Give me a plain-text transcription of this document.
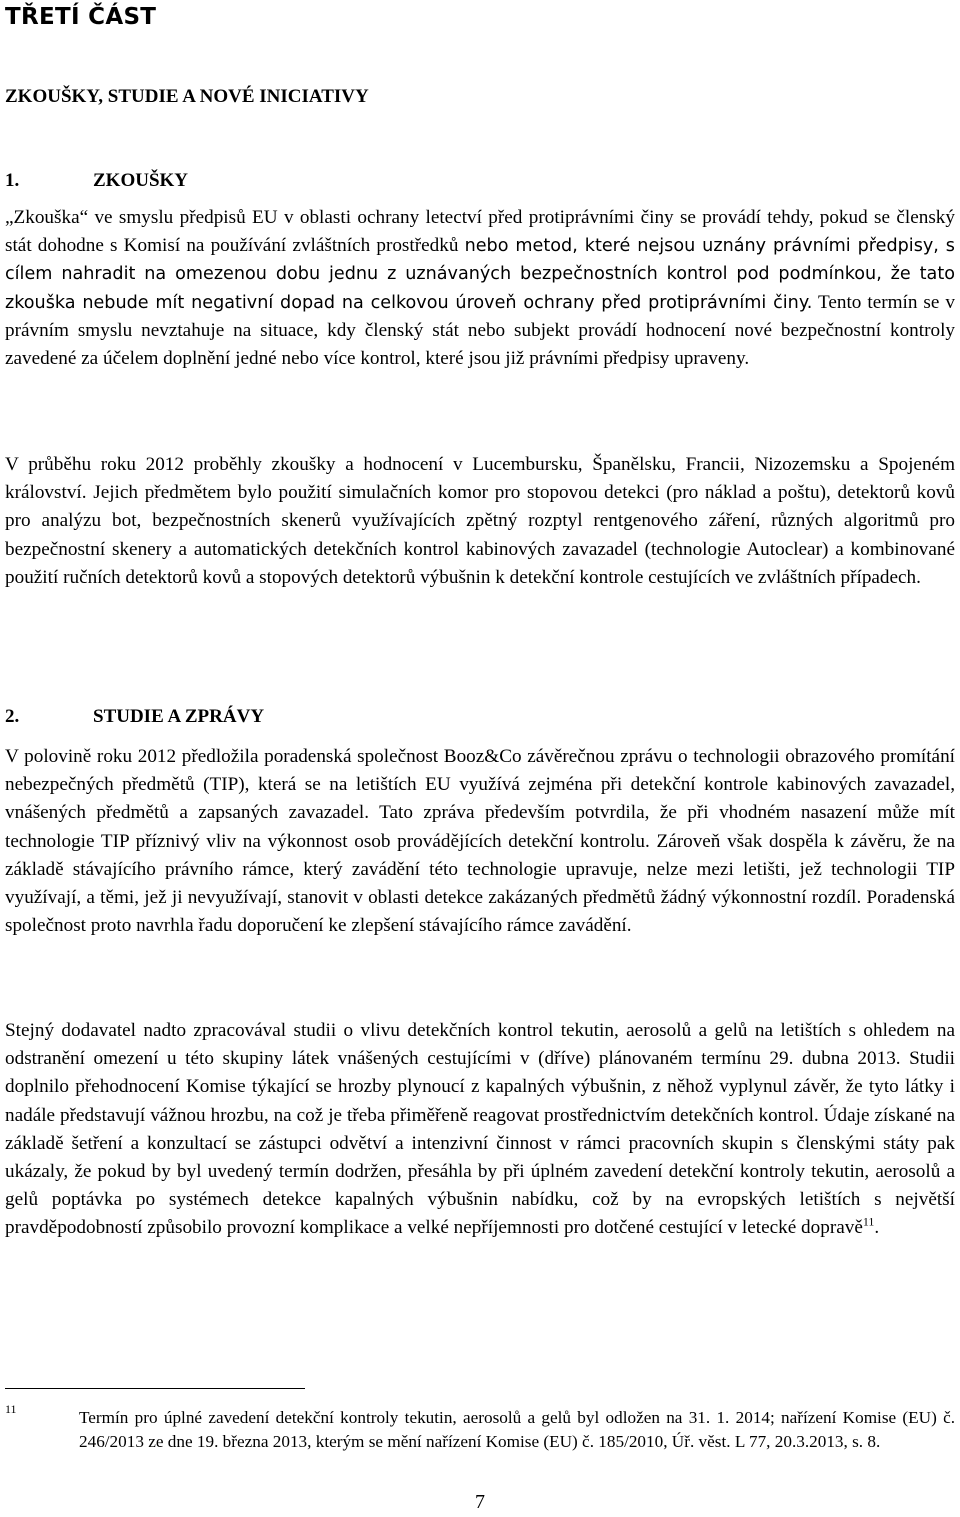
TŘETÍ ČÁST
ZKOUŠKY, STUDIE A NOVÉ INICIATIVY
1.	ZKOUŠKY
„Zkouška“ ve smyslu předpisů EU v oblasti ochrany letectví před protiprávními činy se provádí tehdy, pokud se členský stát dohodne s Komisí na používání zvláštních prostředků nebo metod, které nejsou uznány právními předpisy, s cílem nahradit na omezenou dobu jednu z uznávaných bezpečnostních kontrol pod podmínkou, že tato zkouška nebude mít negativní dopad na celkovou úroveň ochrany před protiprávními činy. Tento termín se v právním smyslu nevztahuje na situace, kdy členský stát nebo subjekt provádí hodnocení nové bezpečnostní kontroly zavedené za účelem doplnění jedné nebo více kontrol, které jsou již právními předpisy upraveny.
V průběhu roku 2012 proběhly zkoušky a hodnocení v Lucembursku, Španělsku, Francii, Nizozemsku a Spojeném království. Jejich předmětem bylo použití simulačních komor pro stopovou detekci (pro náklad a poštu), detektorů kovů pro analýzu bot, bezpečnostních skenerů využívajících zpětný rozptyl rentgenového záření, různých algoritmů pro bezpečnostní skenery a automatických detekčních kontrol kabinových zavazadel (technologie Autoclear) a kombinované použití ručních detektorů kovů a stopových detektorů výbušnin k detekční kontrole cestujících ve zvláštních případech.
2.	STUDIE A ZPRÁVY
V polovině roku 2012 předložila poradenská společnost Booz&Co závěrečnou zprávu o technologii obrazového promítání nebezpečných předmětů (TIP), která se na letištích EU využívá zejména při detekční kontrole kabinových zavazadel, vnášených předmětů a zapsaných zavazadel. Tato zpráva především potvrdila, že při vhodném nasazení může mít technologie TIP příznivý vliv na výkonnost osob provádějících detekční kontrolu. Zároveň však dospěla k závěru, že na základě stávajícího právního rámce, který zavádění této technologie upravuje, nelze mezi letišti, jež technologii TIP využívají, a těmi, jež ji nevyužívají, stanovit v oblasti detekce zakázaných předmětů žádný výkonnostní rozdíl. Poradenská společnost proto navrhla řadu doporučení ke zlepšení stávajícího rámce zavádění.
Stejný dodavatel nadto zpracovával studii o vlivu detekčních kontrol tekutin, aerosolů a gelů na letištích s ohledem na odstranění omezení u této skupiny látek vnášených cestujícími v (dříve) plánovaném termínu 29. dubna 2013. Studii doplnilo přehodnocení Komise týkající se hrozby plynoucí z kapalných výbušnin, z něhož vyplynul závěr, že tyto látky i nadále představují vážnou hrozbu, na což je třeba přiměřeně reagovat prostřednictvím detekčních kontrol. Údaje získané na základě šetření a konzultací se zástupci odvětví a intenzivní činnost v rámci pracovních skupin s členskými státy pak ukázaly, že pokud by byl uvedený termín dodržen, přesáhla by při úplném zavedení detekční kontroly tekutin, aerosolů a gelů poptávka po systémech detekce kapalných výbušnin nabídku, což by na evropských letištích s největší pravděpodobností způsobilo provozní komplikace a velké nepříjemnosti pro dotčené cestující v letecké dopravě$^{11}$.
11	Termín pro úplné zavedení detekční kontroly tekutin, aerosolů a gelů byl odložen na 31. 1. 2014; nařízení Komise (EU) č. 246/2013 ze dne 19. března 2013, kterým se mění nařízení Komise (EU) č. 185/2010, Úř. věst. L 77, 20.3.2013, s. 8.
7
